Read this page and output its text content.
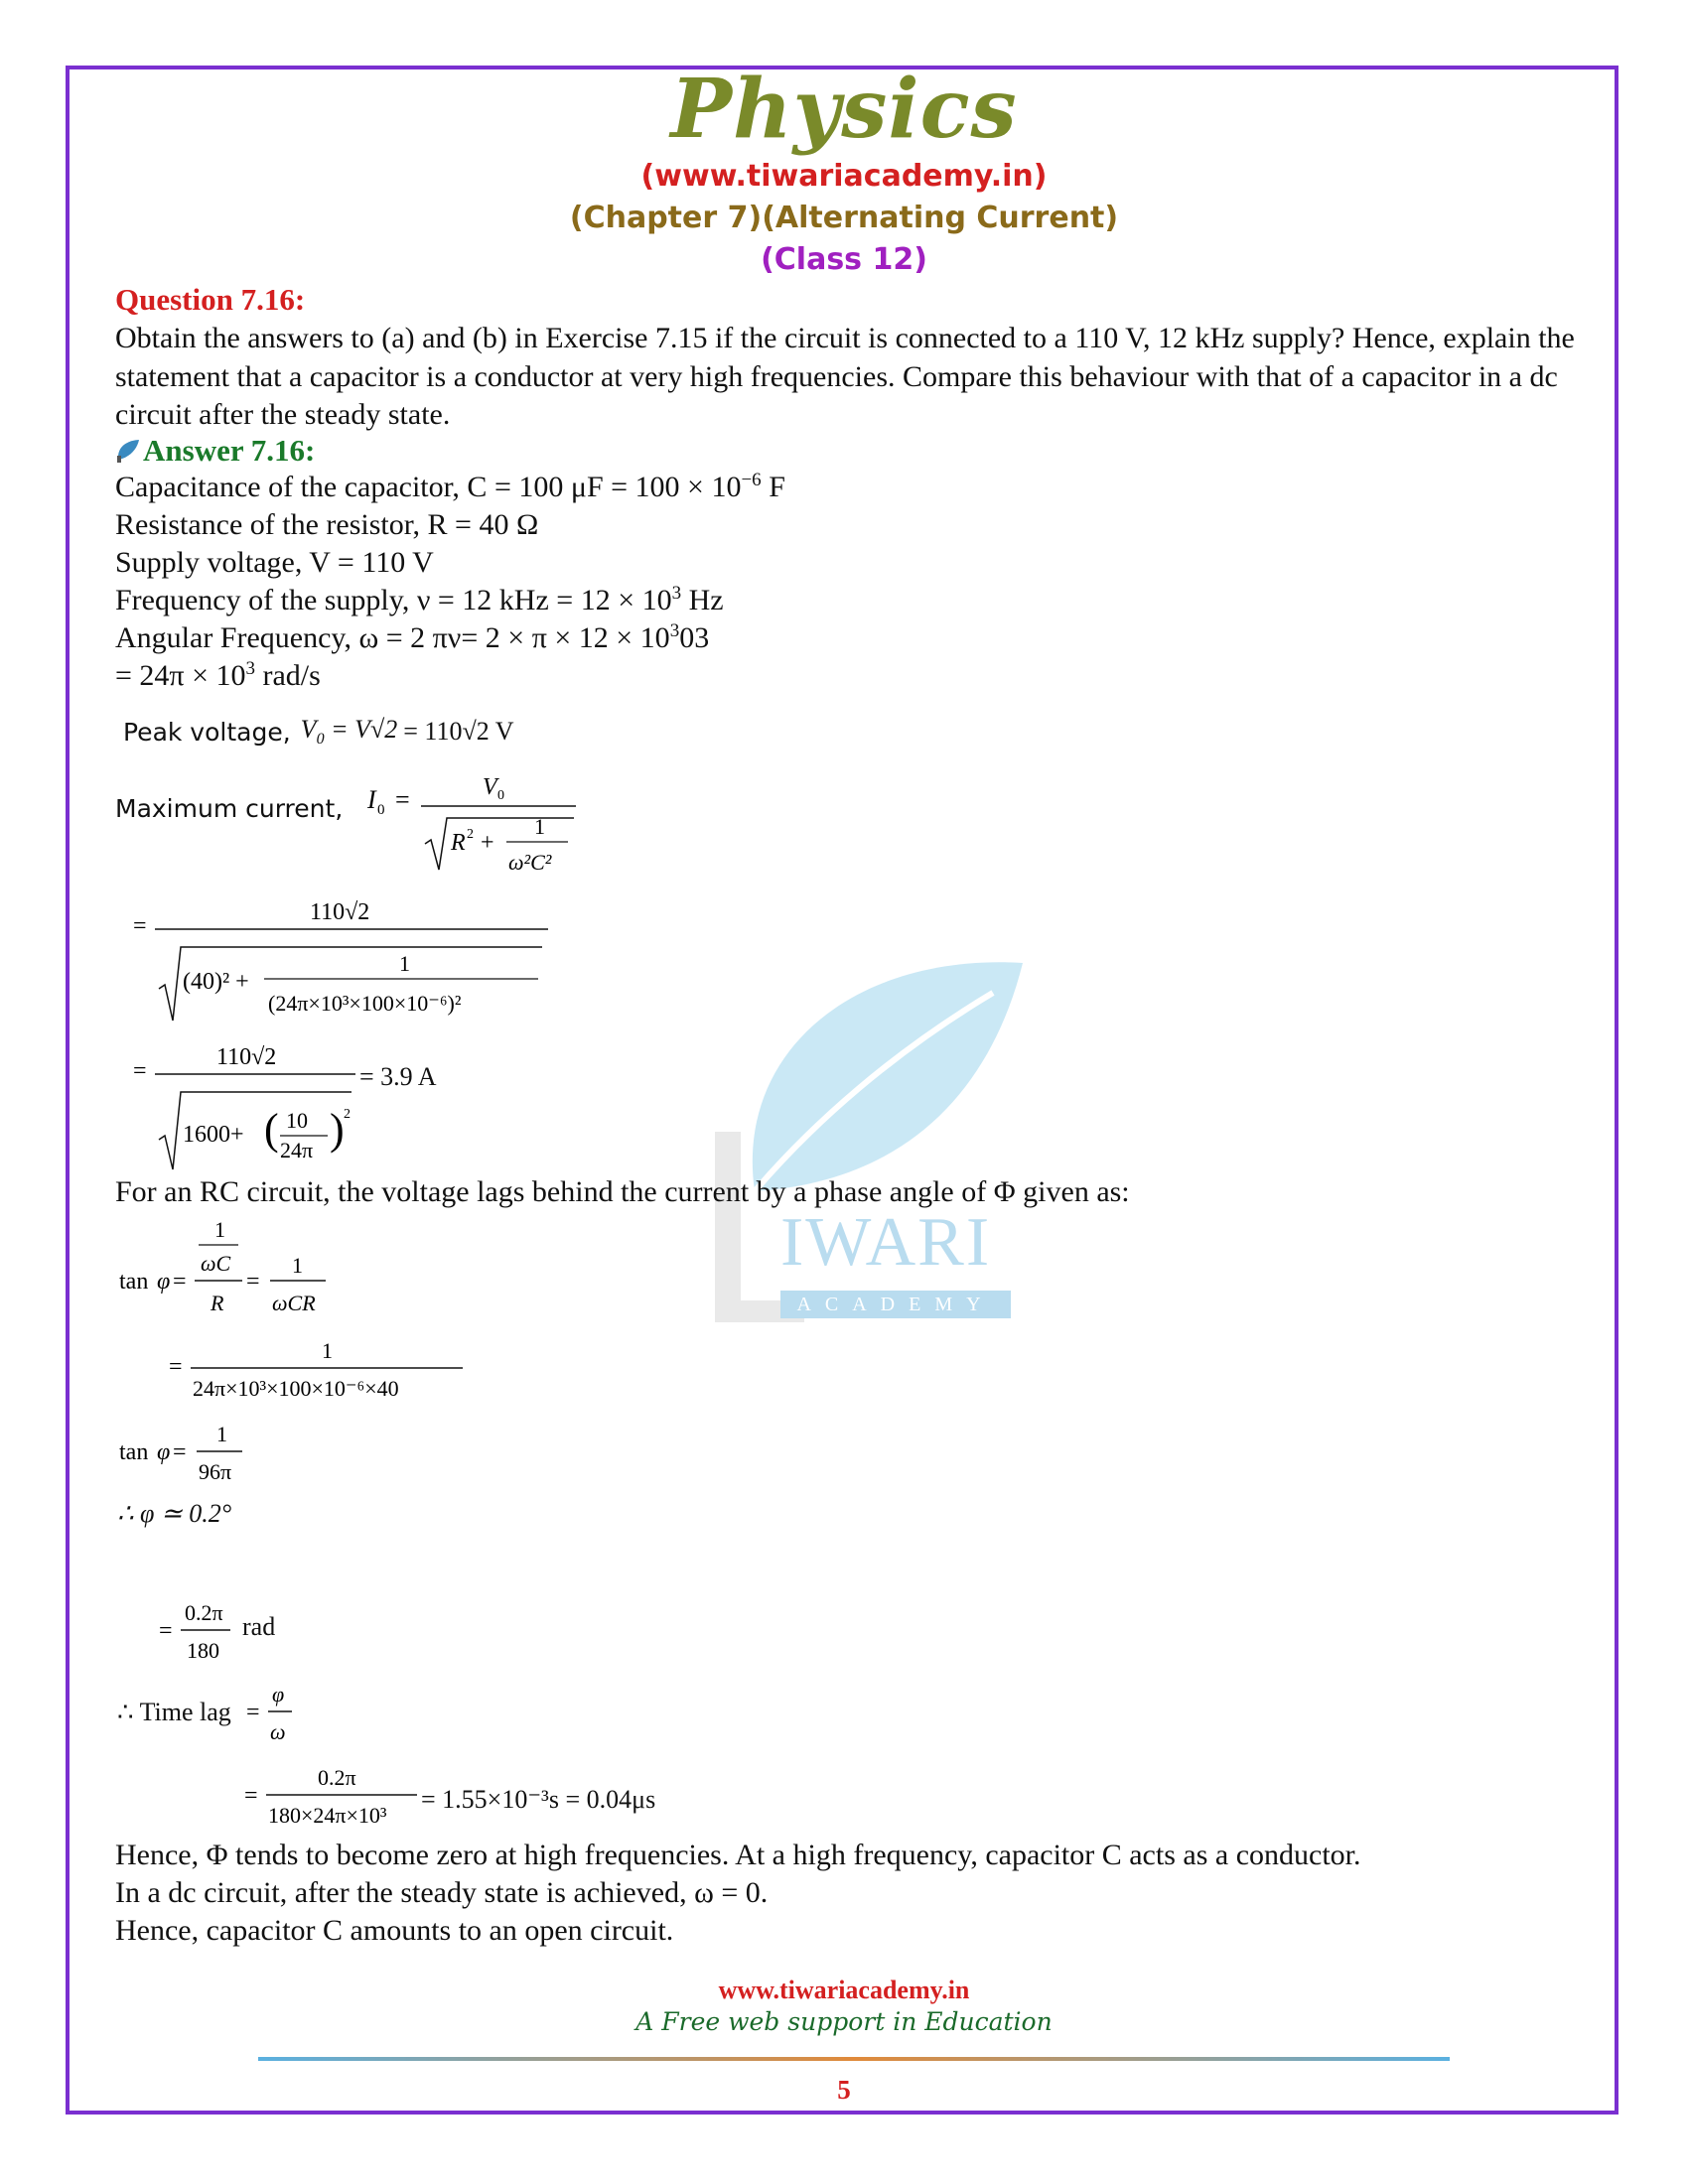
IWARI
ACADEMY
Physics
(www.tiwariacademy.in)
(Chapter 7)(Alternating Current)
(Class 12)
Question 7.16:
Obtain the answers to (a) and (b) in Exercise 7.15 if the circuit is connected to a 110 V, 12 kHz supply? Hence, explain the statement that a capacitor is a conductor at very high frequencies. Compare this behaviour with that of a capacitor in a dc circuit after the steady state.
Answer 7.16:
Capacitance of the capacitor, C = 100 $\mu F = 100 \times 10^{-6}$ F
Resistance of the resistor, R = 40 Ω
Supply voltage, V = 110 V
Frequency of the supply, ν = 12 kHz = $12 \times 10^3$ Hz
Angular Frequency, ω = 2 $\pi\nu= 2 \times \pi \times 12 \times 10^303$
= $24\pi \times 10^3$ rad/s
Peak voltage, $V_0 = V√2 = 110√2$ V
Maximum current, I 0 =	V 0
R 2 +
1
ω²C²
=
110√2
(40)² +
1
(24π×10³×100×10⁻⁶)²
=
110√2
1600+ ( 10
24π ) 2
= 3.9 A
For an RC circuit, the voltage lags behind the current by a phase angle of Φ given as:
tan φ =
1
ωC
R
=
1
ωCR
=
1
24π×10³×100×10⁻⁶×40
tan φ =
1
96π
∴ φ ≃ 0.2°
=
0.2π
180
rad
∴ Time lag =
φ
ω
=
0.2π
180×24π×10³
= 1.55×10⁻³s = 0.04μs
Hence, Φ tends to become zero at high frequencies. At a high frequency, capacitor C acts as a conductor.
In a dc circuit, after the steady state is achieved, ω = 0.
Hence, capacitor C amounts to an open circuit.
www.tiwariacademy.in
A Free web support in Education
5
